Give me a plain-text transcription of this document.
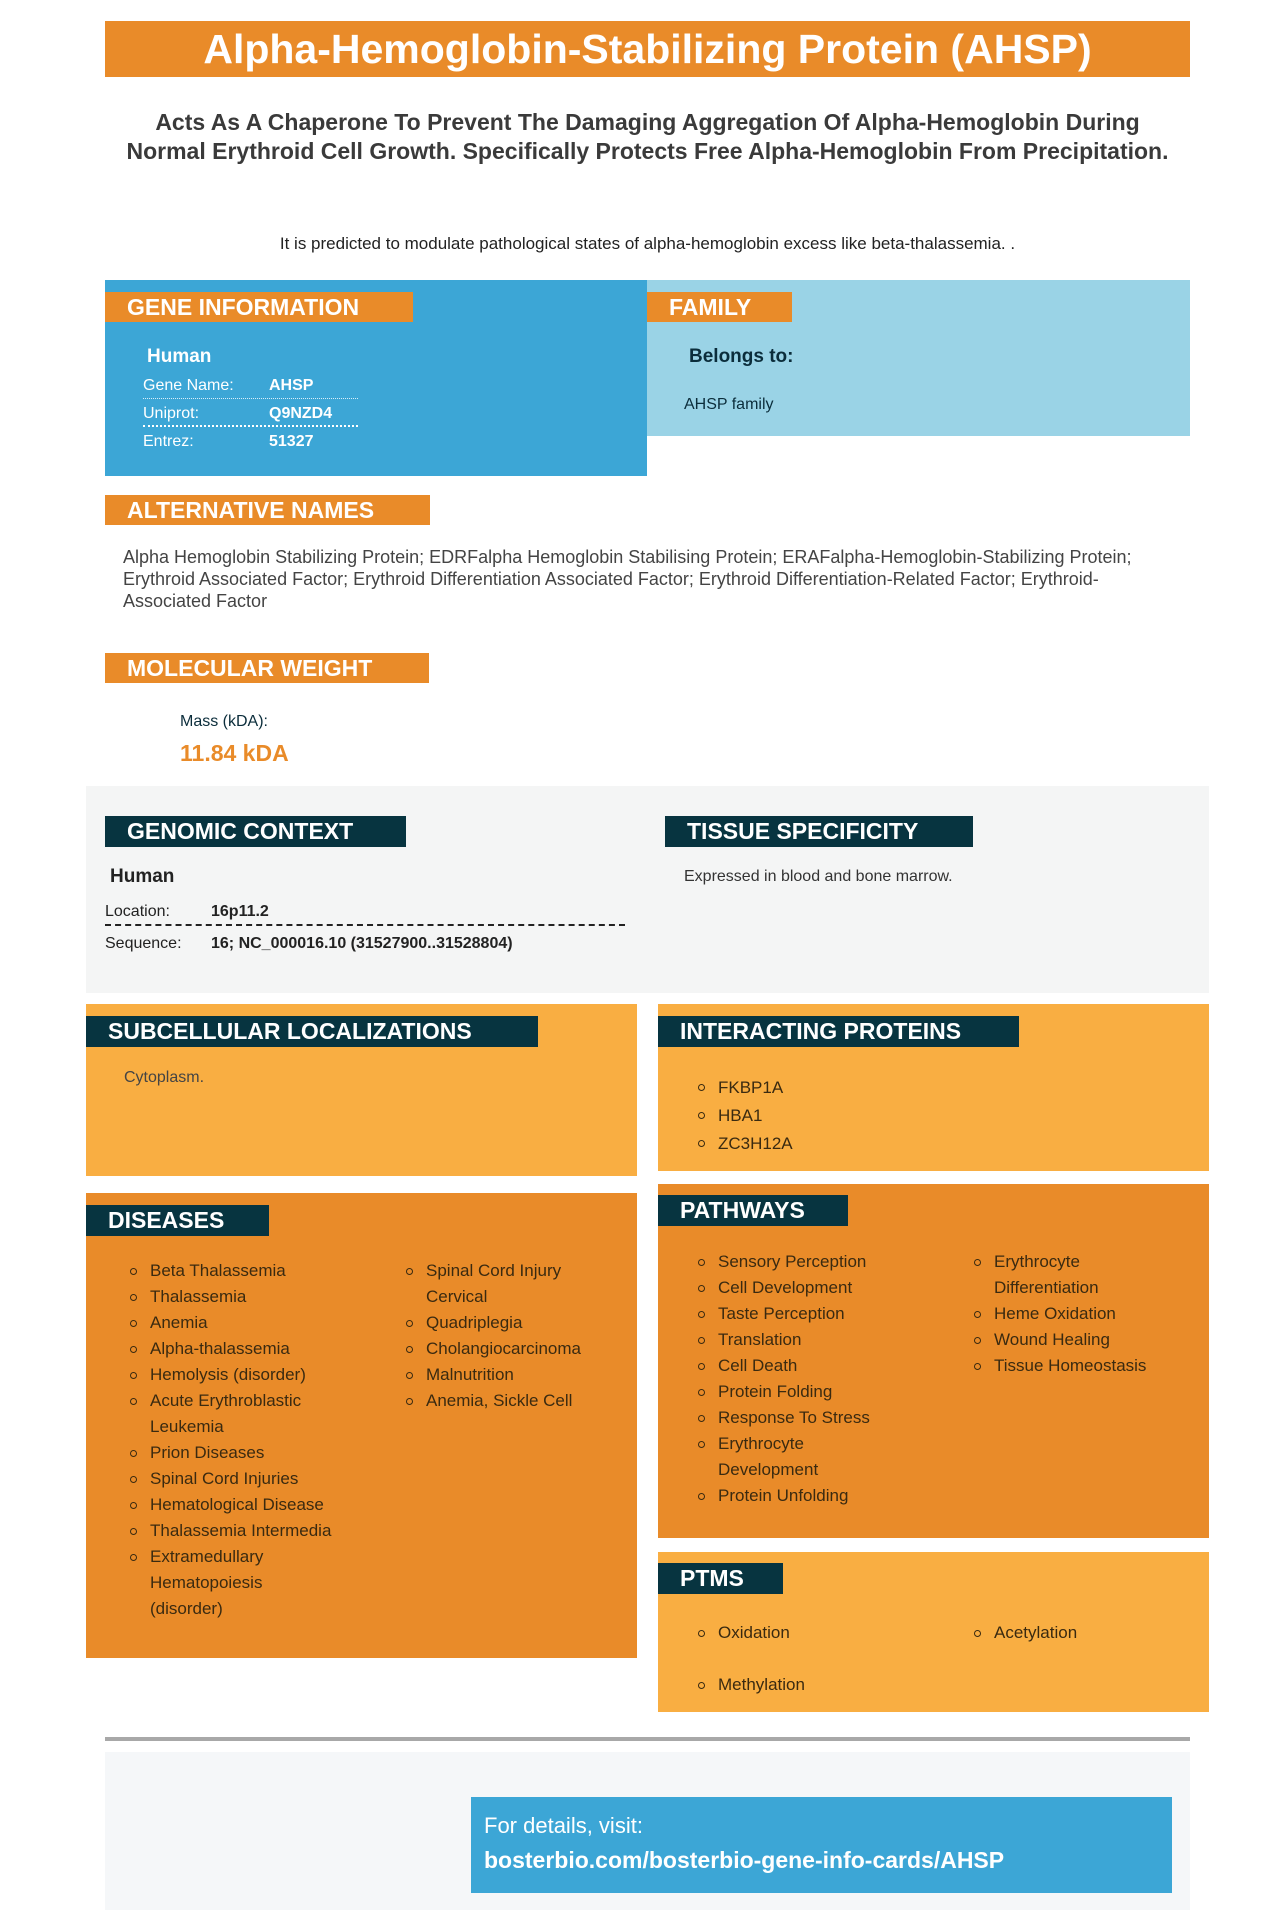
Alpha-Hemoglobin-Stabilizing Protein (AHSP)
Acts As A Chaperone To Prevent The Damaging Aggregation Of Alpha-Hemoglobin During Normal Erythroid Cell Growth. Specifically Protects Free Alpha-Hemoglobin From Precipitation.
It is predicted to modulate pathological states of alpha-hemoglobin excess like beta-thalassemia. .
GENE INFORMATION
Human
Gene Name: AHSP
Uniprot:	Q9NZD4
Entrez:	51327
FAMILY
Belongs to:
AHSP family
ALTERNATIVE NAMES
Alpha Hemoglobin Stabilizing Protein; EDRFalpha Hemoglobin Stabilising Protein; ERAFalpha-Hemoglobin-Stabilizing Protein; Erythroid Associated Factor; Erythroid Differentiation Associated Factor; Erythroid Differentiation-Related Factor; Erythroid-Associated Factor
MOLECULAR WEIGHT
Mass (kDA):
11.84 kDA
GENOMIC CONTEXT
Human
Location:	16p11.2
Sequence: 16; NC_000016.10 (31527900..31528804)
TISSUE SPECIFICITY
Expressed in blood and bone marrow.
SUBCELLULAR LOCALIZATIONS
Cytoplasm.
INTERACTING PROTEINS
FKBP1A
HBA1
ZC3H12A
DISEASES
Beta Thalassemia
Thalassemia
Anemia
Alpha-thalassemia
Hemolysis (disorder)
Acute Erythroblastic Leukemia
Prion Diseases
Spinal Cord Injuries
Hematological Disease
Thalassemia Intermedia
Extramedullary Hematopoiesis (disorder)
Spinal Cord Injury Cervical
Quadriplegia
Cholangiocarcinoma
Malnutrition
Anemia, Sickle Cell
PATHWAYS
Sensory Perception
Cell Development
Taste Perception
Translation
Cell Death
Protein Folding
Response To Stress
Erythrocyte Development
Protein Unfolding
Erythrocyte Differentiation
Heme Oxidation
Wound Healing
Tissue Homeostasis
PTMS
Oxidation
Methylation
Acetylation
For details, visit:
bosterbio.com/bosterbio-gene-info-cards/AHSP
